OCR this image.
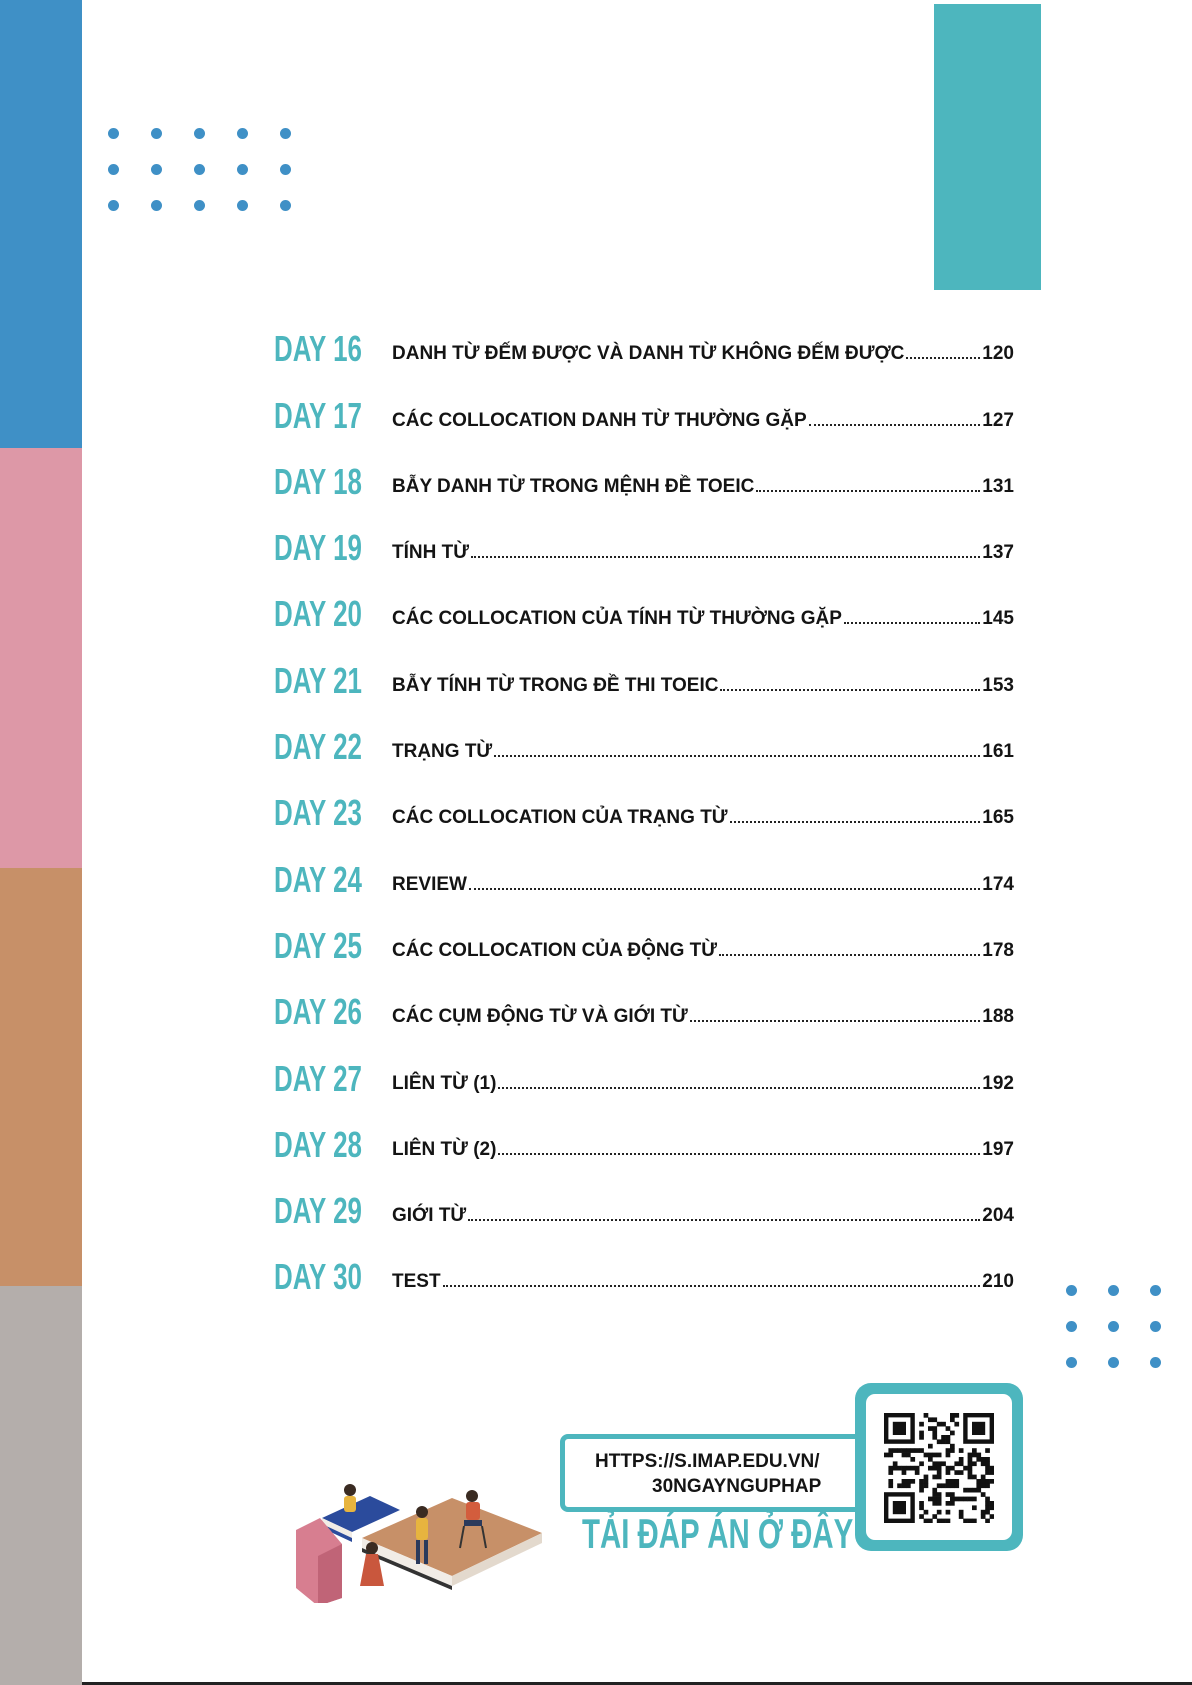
DAY 16 DANH TỪ ĐẾM ĐƯỢC VÀ DANH TỪ KHÔNG ĐẾM ĐƯỢC	120
DAY 17 CÁC COLLOCATION DANH TỪ THƯỜNG GẶP	127
DAY 18 BẪY DANH TỪ TRONG MỆNH ĐỀ TOEIC	131
DAY 19 TÍNH TỪ	137
DAY 20 CÁC COLLOCATION CỦA TÍNH TỪ THƯỜNG GẶP	145
DAY 21 BẪY TÍNH TỪ TRONG ĐỀ THI TOEIC	153
DAY 22 TRẠNG TỪ	161
DAY 23 CÁC COLLOCATION CỦA TRẠNG TỪ	165
DAY 24 REVIEW	174
DAY 25 CÁC COLLOCATION CỦA ĐỘNG TỪ	178
DAY 26 CÁC CỤM ĐỘNG TỪ VÀ GIỚI TỪ	188
DAY 27 LIÊN TỪ (1)	192
DAY 28 LIÊN TỪ (2)	197
DAY 29 GIỚI TỪ	204
DAY 30 TEST	210
HTTPS://S.IMAP.EDU.VN/
30NGAYNGUPHAP
TẢI ĐÁP ÁN Ở ĐÂY
